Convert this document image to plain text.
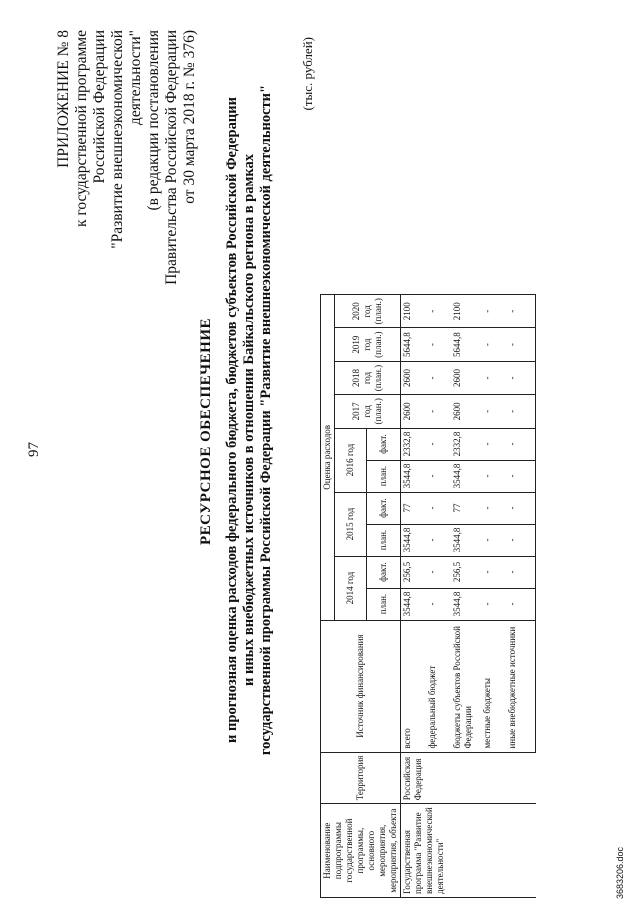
97
ПРИЛОЖЕНИЕ № 8 к государственной программе Российской Федерации "Развитие внешнеэкономической деятельности" (в редакции постановления Правительства Российской Федерации от 30 марта 2018 г. № 376)
РЕСУРСНОЕ ОБЕСПЕЧЕНИЕ и прогнозная оценка расходов федерального бюджета, бюджетов субъектов Российской Федерации и иных внебюджетных источников в отношении Байкальского региона в рамках государственной программы Российской Федерации "Развитие внешнеэкономической деятельности"
(тыс. рублей)
Наименование подпрограммы государственной программы, основного мероприятия, мероприятия, объекта	Территория	Источник финансирования	Оценка расходов									
			2014 год		2015 год		2016 год		2017 год (план.)	2018 год (план.)	2019 год (план.)	2020 год (план.)
			план.	факт.	план.	факт.	план.	факт.				
Государственная программа "Развитие внешнеэкономической деятельности"	Российская Федерация	всего	3544,8	256,5	3544,8	77	3544,8	2332,8	2600	2600	5644,8	2100
		федеральный бюджет	-	-	-	-	-	-	-	-	-	-
		бюджеты субъектов Российской Федерации	3544,8	256,5	3544,8	77	3544,8	2332,8	2600	2600	5644,8	2100
		местные бюджеты	-	-	-	-	-	-	-	-	-	-
		иные внебюджетные источники	-	-	-	-	-	-	-	-	-	-
3683206.doc
